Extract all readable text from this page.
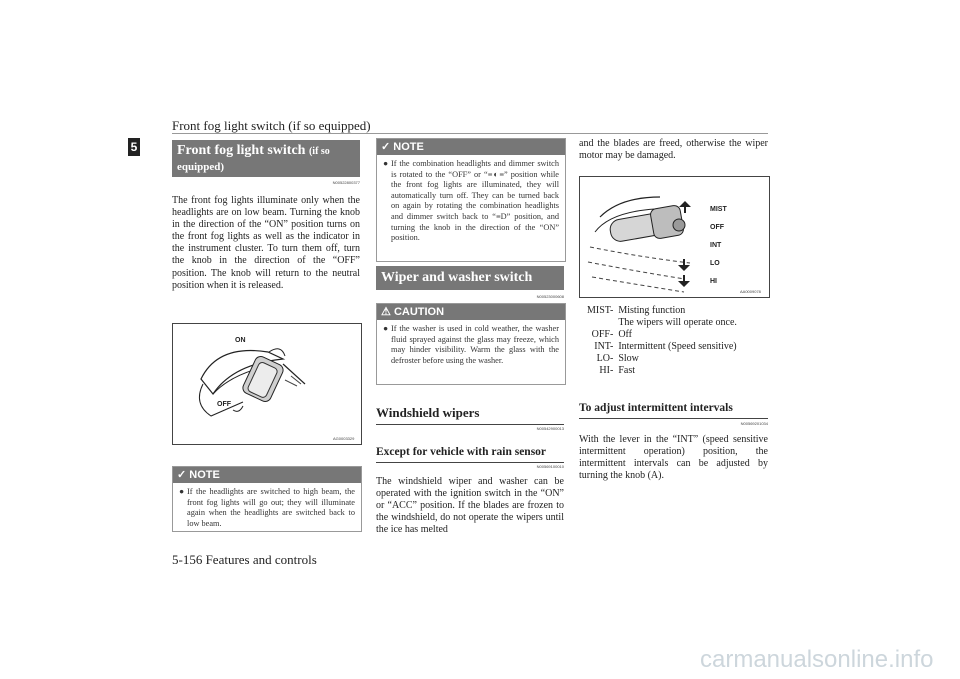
Front fog light switch (if so equipped)
5
5-156 Features and controls
Front fog light switch (if so
equipped)
N00522800377
The front fog lights illuminate only when the headlights are on low beam. Turning the knob in the direction of the “ON” position turns on the front fog lights as well as the indicator in the instrument cluster. To turn them off, turn the knob in the direction of the “OFF” position. The knob will return to the neutral position when it is released.
ON
OFF
AG0003329
✓ NOTE
● If the headlights are switched to high beam, the front fog lights will go out; they will illuminate again when the headlights are switched back to low beam.
✓ NOTE
● If the combination headlights and dimmer switch is rotated to the “OFF” or “≡◐≡” position while the front fog lights are illuminated, they will automatically turn off. They can be turned back on again by rotating the combination headlights and dimmer switch back to “≡D” position, and turning the knob in the direction of the “ON” position.
Wiper and washer switch
N00523000608
⚠ CAUTION
● If the washer is used in cold weather, the washer fluid sprayed against the glass may freeze, which may hinder visibility. Warm the glass with the defroster before using the washer.
Windshield wipers
N00542900013
Except for vehicle with rain sensor
N00569100010
The windshield wiper and washer can be operated with the ignition switch in the “ON” or “ACC” position. If the blades are frozen to the windshield, do not operate the wipers until the ice has melted
and the blades are freed, otherwise the wiper motor may be damaged.
MIST
OFF
INT
LO
HI
AA0009078
MIST-	Misting function
	The wipers will operate once.
OFF-	Off
INT-	Intermittent (Speed sensitive)
LO-	Slow
HI-	Fast
To adjust intermittent intervals
N00569201034
With the lever in the “INT” (speed sensitive intermittent operation) position, the intermittent intervals can be adjusted by turning the knob (A).
carmanualsonline.info
